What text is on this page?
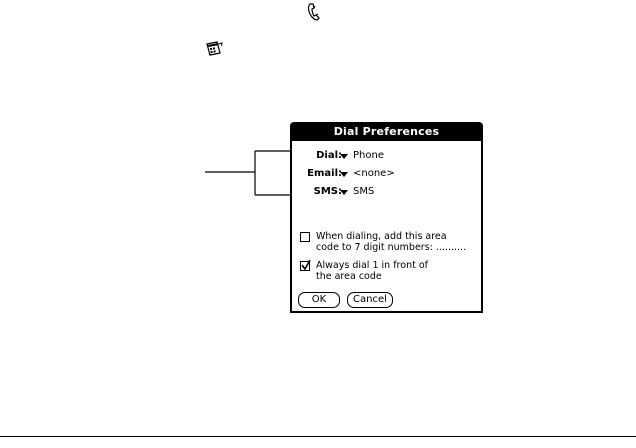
Dial Preferences
Dial: Phone
Email: <none>
SMS: SMS
When dialing, add this area
code to 7 digit numbers: ..........
Always dial 1 in front of
the area code
OK	Cancel
